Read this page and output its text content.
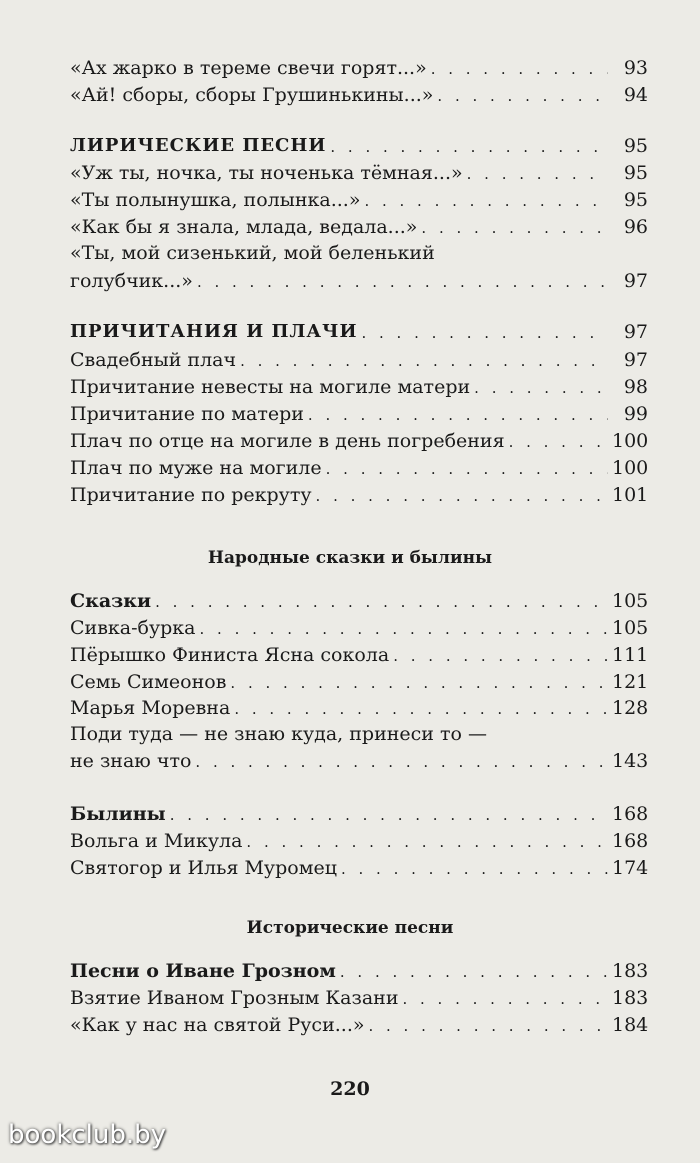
«Ах жарко в тереме свечи горят...» . . .	93
«Ай! сборы, сборы Грушинькины...» . . .	94
ЛИРИЧЕСКИЕ ПЕСНИ . . .	95
«Уж ты, ночка, ты ноченька тёмная...» . . .	95
«Ты полынушка, полынка...» . . .	95
«Как бы я знала, млада, ведала...» . . .	96
«Ты, мой сизенький, мой беленький
голубчик...» . . .	97
ПРИЧИТАНИЯ И ПЛАЧИ . . .	97
Свадебный плач . . .	97
Причитание невесты на могиле матери . . .	98
Причитание по матери . . .	99
Плач по отце на могиле в день погребения . . .	100
Плач по муже на могиле . . .	100
Причитание по рекруту . . .	101
Народные сказки и былины
Сказки . . .	105
Сивка-бурка . . .	105
Пёрышко Финиста Ясна сокола . . .	111
Семь Симеонов . . .	121
Марья Моревна . . .	128
Поди туда — не знаю куда, принеси то —
не знаю что . . .	143
Былины . . .	168
Вольга и Микула . . .	168
Святогор и Илья Муромец . . .	174
Исторические песни
Песни о Иване Грозном . . .	183
Взятие Иваном Грозным Казани . . .	183
«Как у нас на святой Руси...» . . .	184
220
bookclub.by
